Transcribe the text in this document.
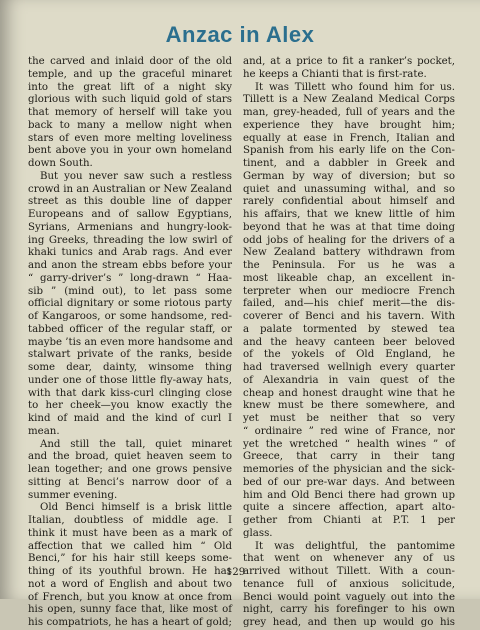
Anzac in Alex
the carved and inlaid door of the old
temple, and up the graceful minaret
into the great lift of a night sky
glorious with such liquid gold of stars
that memory of herself will take you
back to many a mellow night when
stars of even more melting loveliness
bent above you in your own homeland
down South.
But you never saw such a restless
crowd in an Australian or New Zealand
street as this double line of dapper
Europeans and of sallow Egyptians,
Syrians, Armenians and hungry-look-
ing Greeks, threading the low swirl of
khaki tunics and Arab rags. And ever
and anon the stream ebbs before your
“ garry-driver’s ” long-drawn “ Haa-
sib ” (mind out), to let pass some
official dignitary or some riotous party
of Kangaroos, or some handsome, red-
tabbed officer of the regular staff, or
maybe ’tis an even more handsome and
stalwart private of the ranks, beside
some dear, dainty, winsome thing
under one of those little fly-away hats,
with that dark kiss-curl clinging close
to her cheek—you know exactly the
kind of maid and the kind of curl I
mean.
And still the tall, quiet minaret
and the broad, quiet heaven seem to
lean together; and one grows pensive
sitting at Benci’s narrow door of a
summer evening.
Old Benci himself is a brisk little
Italian, doubtless of middle age. I
think it must have been as a mark of
affection that we called him “ Old
Benci,” for his hair still keeps some-
thing of its youthful brown. He has
not a word of English and about two
of French, but you know at once from
his open, sunny face that, like most of
his compatriots, he has a heart of gold;
and, at a price to fit a ranker’s pocket,
he keeps a Chianti that is first-rate.
It was Tillett who found him for us.
Tillett is a New Zealand Medical Corps
man, grey-headed, full of years and the
experience they have brought him;
equally at ease in French, Italian and
Spanish from his early life on the Con-
tinent, and a dabbler in Greek and
German by way of diversion; but so
quiet and unassuming withal, and so
rarely confidential about himself and
his affairs, that we knew little of him
beyond that he was at that time doing
odd jobs of healing for the drivers of a
New Zealand battery withdrawn from
the Peninsula. For us he was a
most likeable chap, an excellent in-
terpreter when our mediocre French
failed, and—his chief merit—the dis-
coverer of Benci and his tavern. With
a palate tormented by stewed tea
and the heavy canteen beer beloved
of the yokels of Old England, he
had traversed wellnigh every quarter
of Alexandria in vain quest of the
cheap and honest draught wine that he
knew must be there somewhere, and
yet must be neither that so very
“ ordinaire ” red wine of France, nor
yet the wretched “ health wines ” of
Greece, that carry in their tang
memories of the physician and the sick-
bed of our pre-war days. And between
him and Old Benci there had grown up
quite a sincere affection, apart alto-
gether from Chianti at P.T. 1 per
glass.
It was delightful, the pantomime
that went on whenever any of us
arrived without Tillett. With a coun-
tenance full of anxious solicitude,
Benci would point vaguely out into the
night, carry his forefinger to his own
grey head, and then up would go his
129
